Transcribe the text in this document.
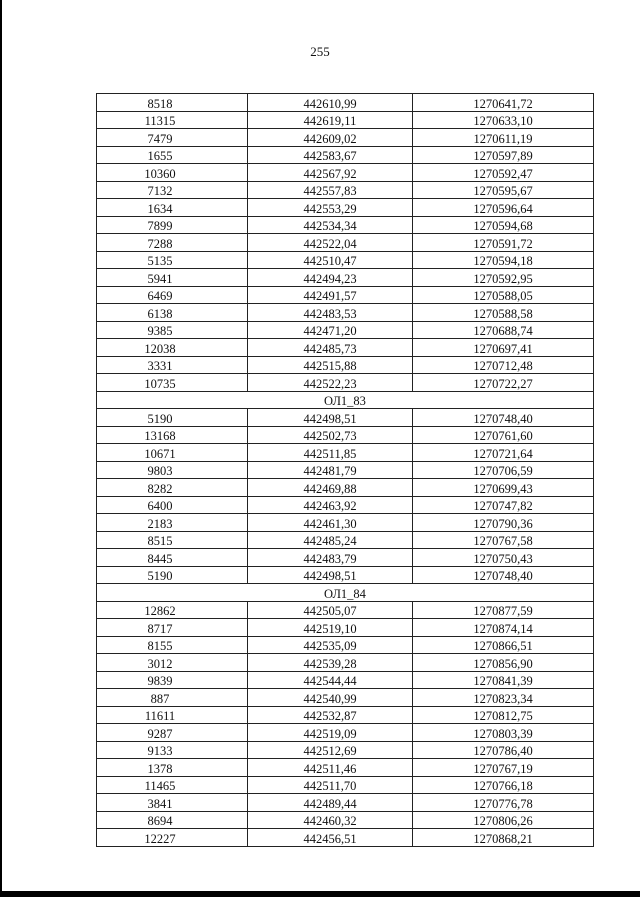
255
8518	442610,99	1270641,72
11315	442619,11	1270633,10
7479	442609,02	1270611,19
1655	442583,67	1270597,89
10360	442567,92	1270592,47
7132	442557,83	1270595,67
1634	442553,29	1270596,64
7899	442534,34	1270594,68
7288	442522,04	1270591,72
5135	442510,47	1270594,18
5941	442494,23	1270592,95
6469	442491,57	1270588,05
6138	442483,53	1270588,58
9385	442471,20	1270688,74
12038	442485,73	1270697,41
3331	442515,88	1270712,48
10735	442522,23	1270722,27
ОЛ1_83		
5190	442498,51	1270748,40
13168	442502,73	1270761,60
10671	442511,85	1270721,64
9803	442481,79	1270706,59
8282	442469,88	1270699,43
6400	442463,92	1270747,82
2183	442461,30	1270790,36
8515	442485,24	1270767,58
8445	442483,79	1270750,43
5190	442498,51	1270748,40
ОЛ1_84		
12862	442505,07	1270877,59
8717	442519,10	1270874,14
8155	442535,09	1270866,51
3012	442539,28	1270856,90
9839	442544,44	1270841,39
887	442540,99	1270823,34
11611	442532,87	1270812,75
9287	442519,09	1270803,39
9133	442512,69	1270786,40
1378	442511,46	1270767,19
11465	442511,70	1270766,18
3841	442489,44	1270776,78
8694	442460,32	1270806,26
12227	442456,51	1270868,21
